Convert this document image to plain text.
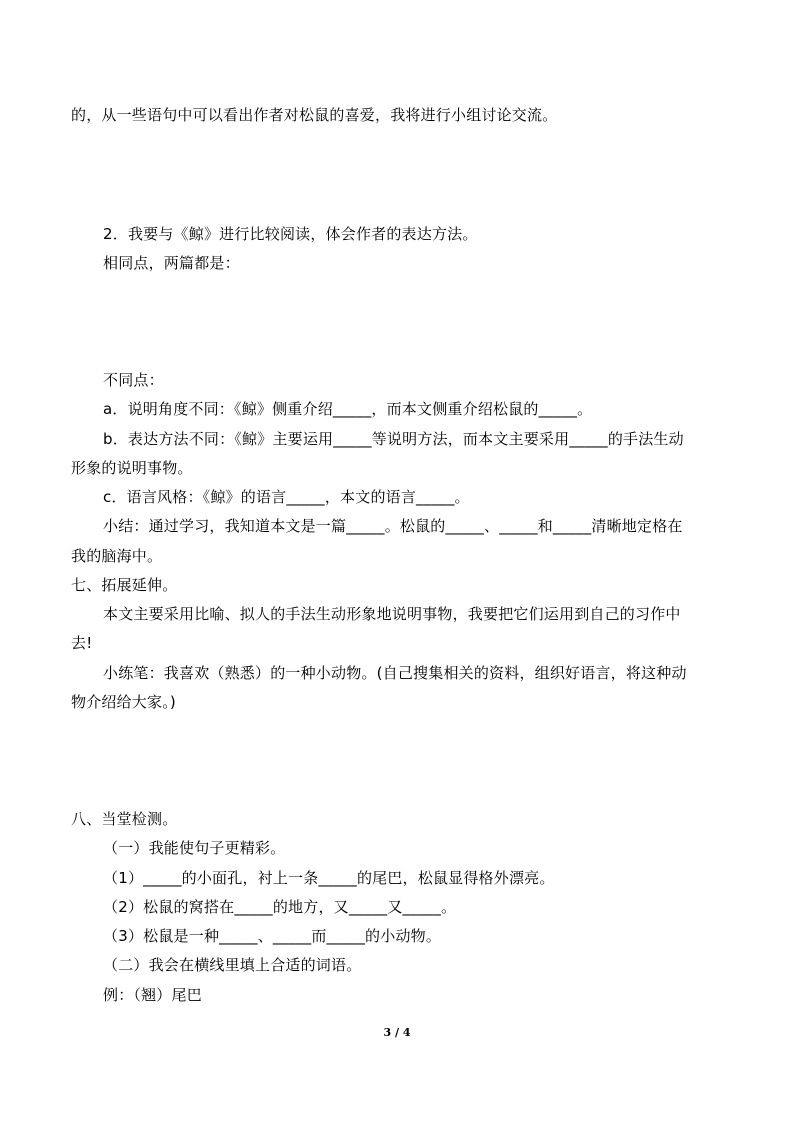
的，从一些语句中可以看出作者对松鼠的喜爱，我将进行小组讨论交流。
2．我要与《鲸》进行比较阅读，体会作者的表达方法。
相同点，两篇都是：
不同点：
a．说明角度不同：《鲸》侧重介绍_____，而本文侧重介绍松鼠的_____。
b．表达方法不同：《鲸》主要运用_____等说明方法，而本文主要采用_____的手法生动
形象的说明事物。
c．语言风格：《鲸》的语言_____，本文的语言_____。
小结：通过学习，我知道本文是一篇_____。松鼠的_____、_____和_____清晰地定格在
我的脑海中。
七、拓展延伸。
本文主要采用比喻、拟人的手法生动形象地说明事物，我要把它们运用到自己的习作中
去!
小练笔：我喜欢（熟悉）的一种小动物。(自己搜集相关的资料，组织好语言，将这种动
物介绍给大家。)
八、当堂检测。
（一）我能使句子更精彩。
（1）_____的小面孔，衬上一条_____的尾巴，松鼠显得格外漂亮。
（2）松鼠的窝搭在_____的地方，又_____又_____。
（3）松鼠是一种_____、_____而_____的小动物。
（二）我会在横线里填上合适的词语。
例：（翘）尾巴
3 / 4
